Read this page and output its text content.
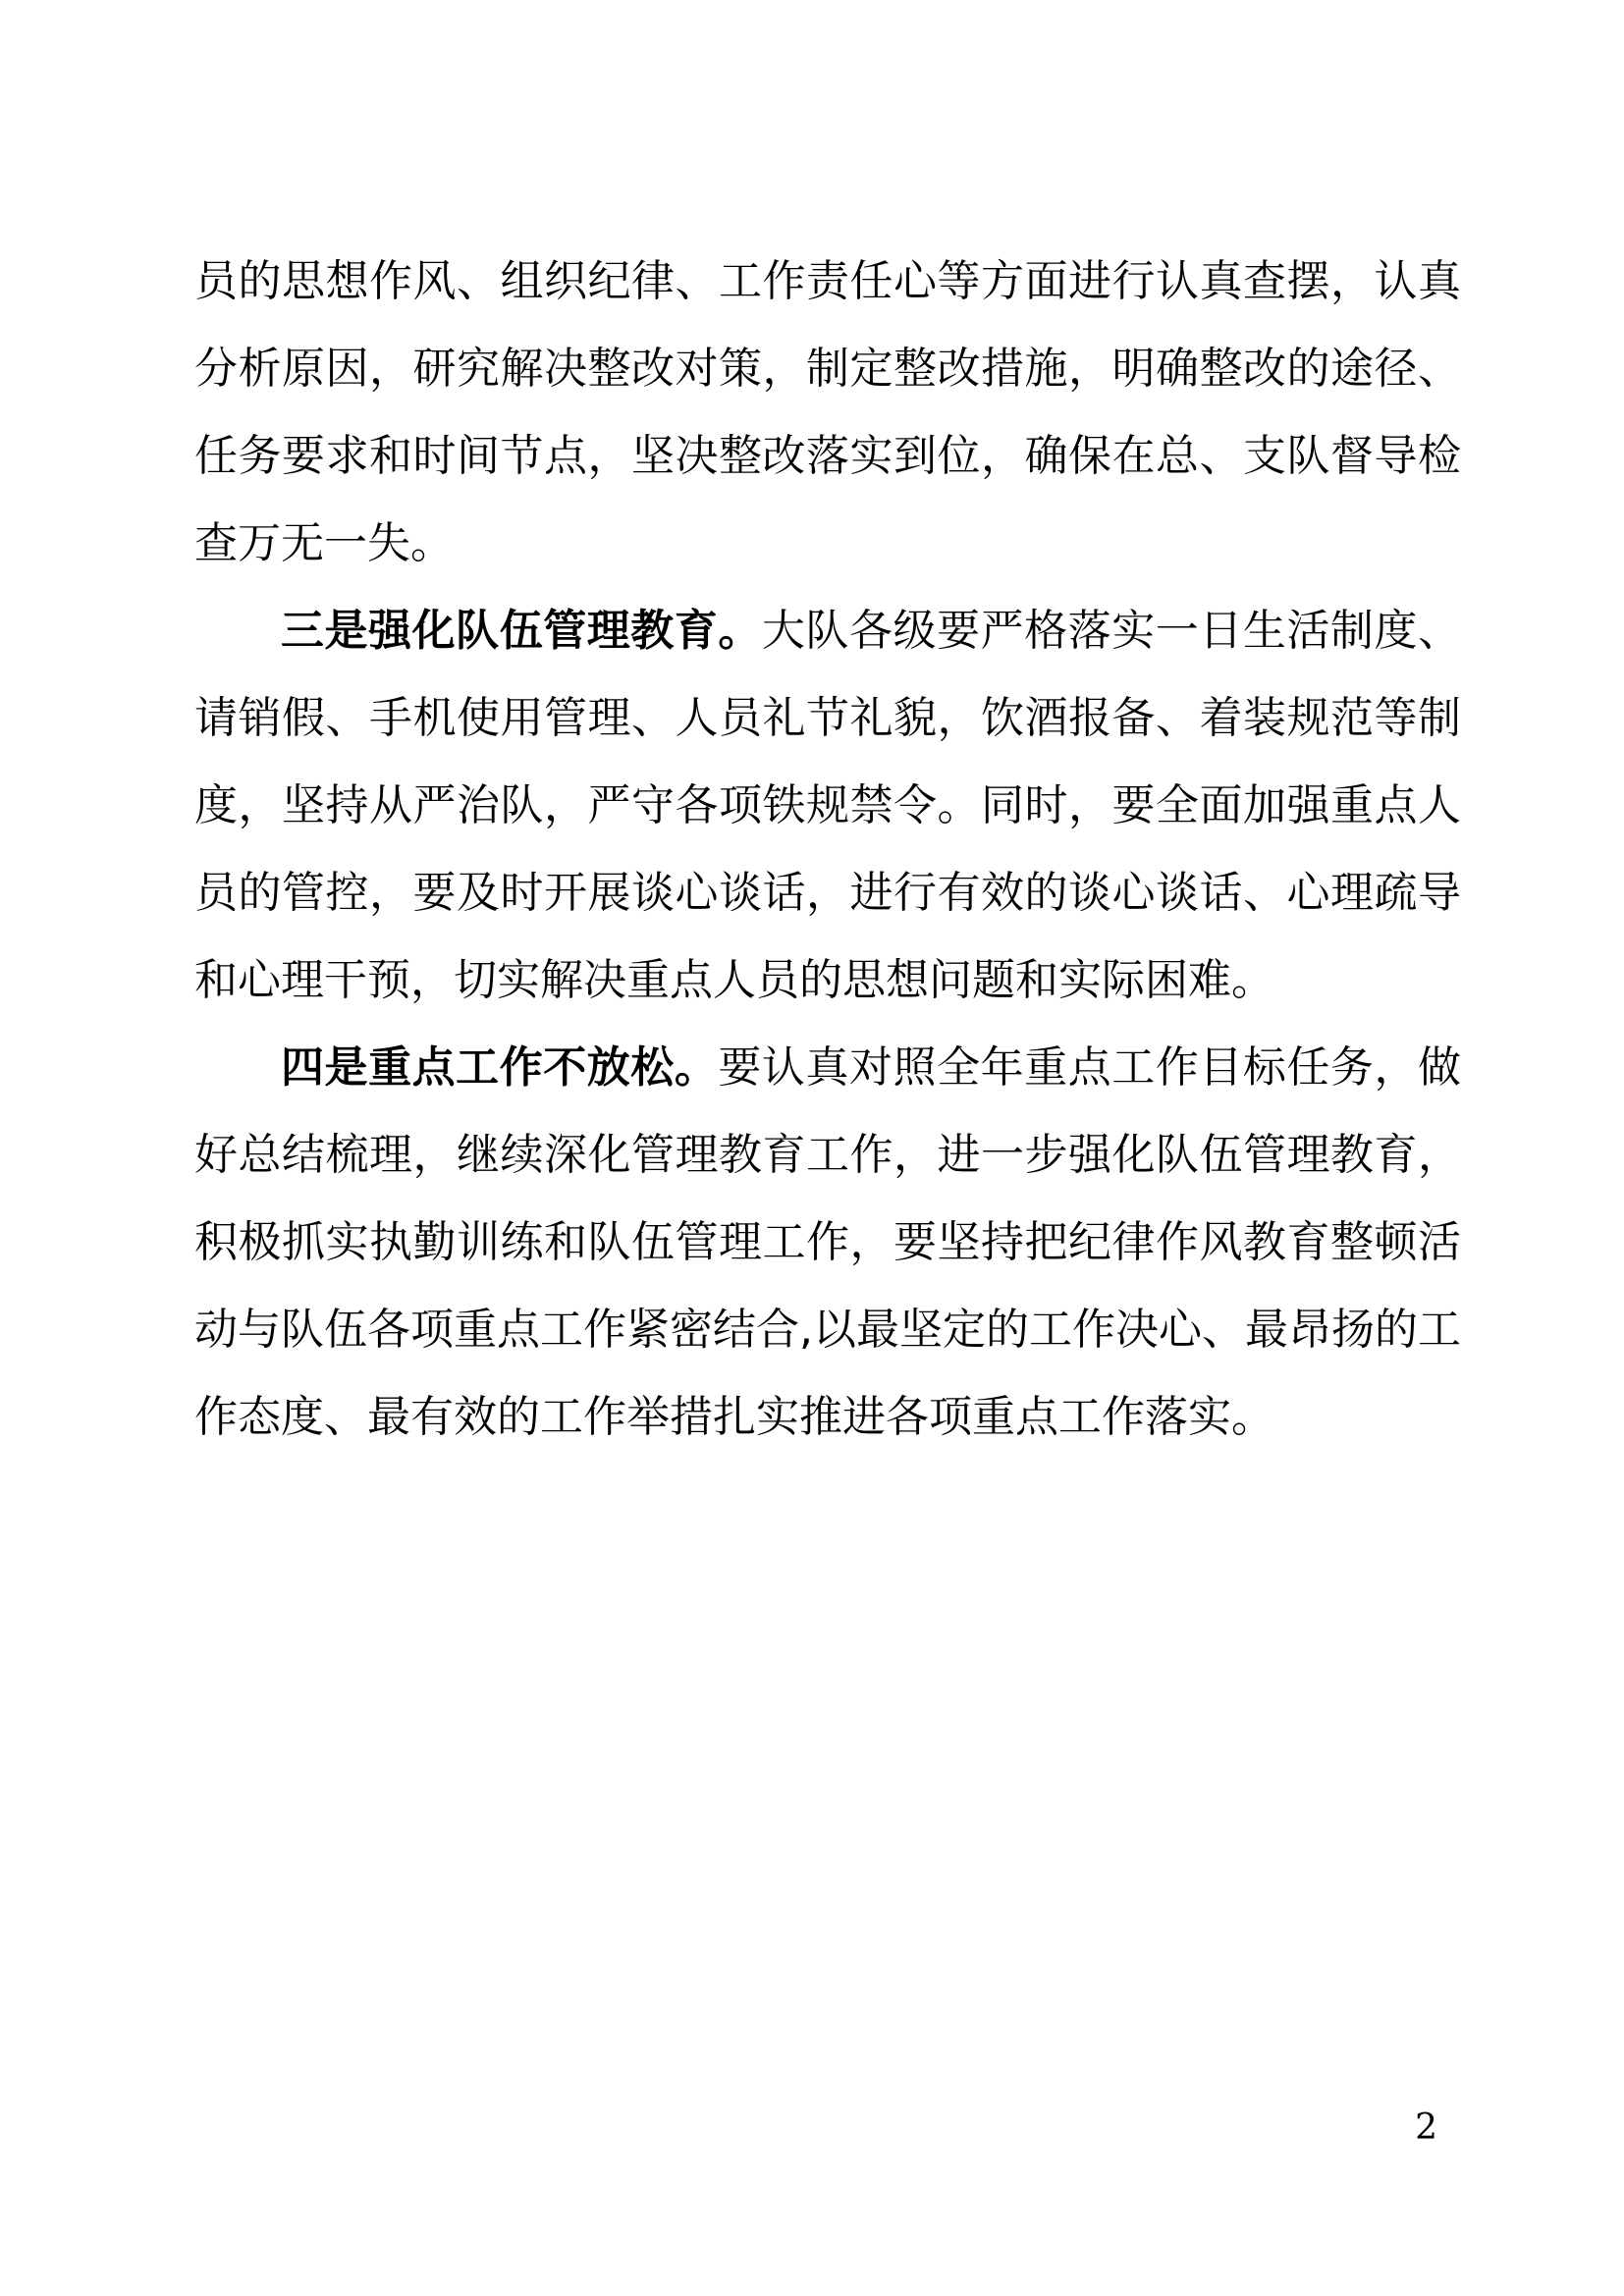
员的思想作风、组织纪律、工作责任心等方面进行认真查摆，认真分析原因，研究解决整改对策，制定整改措施，明确整改的途径、任务要求和时间节点，坚决整改落实到位，确保在总、支队督导检查万无一失。

三是强化队伍管理教育。大队各级要严格落实一日生活制度、请销假、手机使用管理、人员礼节礼貌，饮酒报备、着装规范等制度，坚持从严治队，严守各项铁规禁令。同时，要全面加强重点人员的管控，要及时开展谈心谈话，进行有效的谈心谈话、心理疏导和心理干预，切实解决重点人员的思想问题和实际困难。

四是重点工作不放松。要认真对照全年重点工作目标任务，做好总结梳理，继续深化管理教育工作，进一步强化队伍管理教育，积极抓实执勤训练和队伍管理工作，要坚持把纪律作风教育整顿活动与队伍各项重点工作紧密结合,以最坚定的工作决心、最昂扬的工作态度、最有效的工作举措扎实推进各项重点工作落实。

2
